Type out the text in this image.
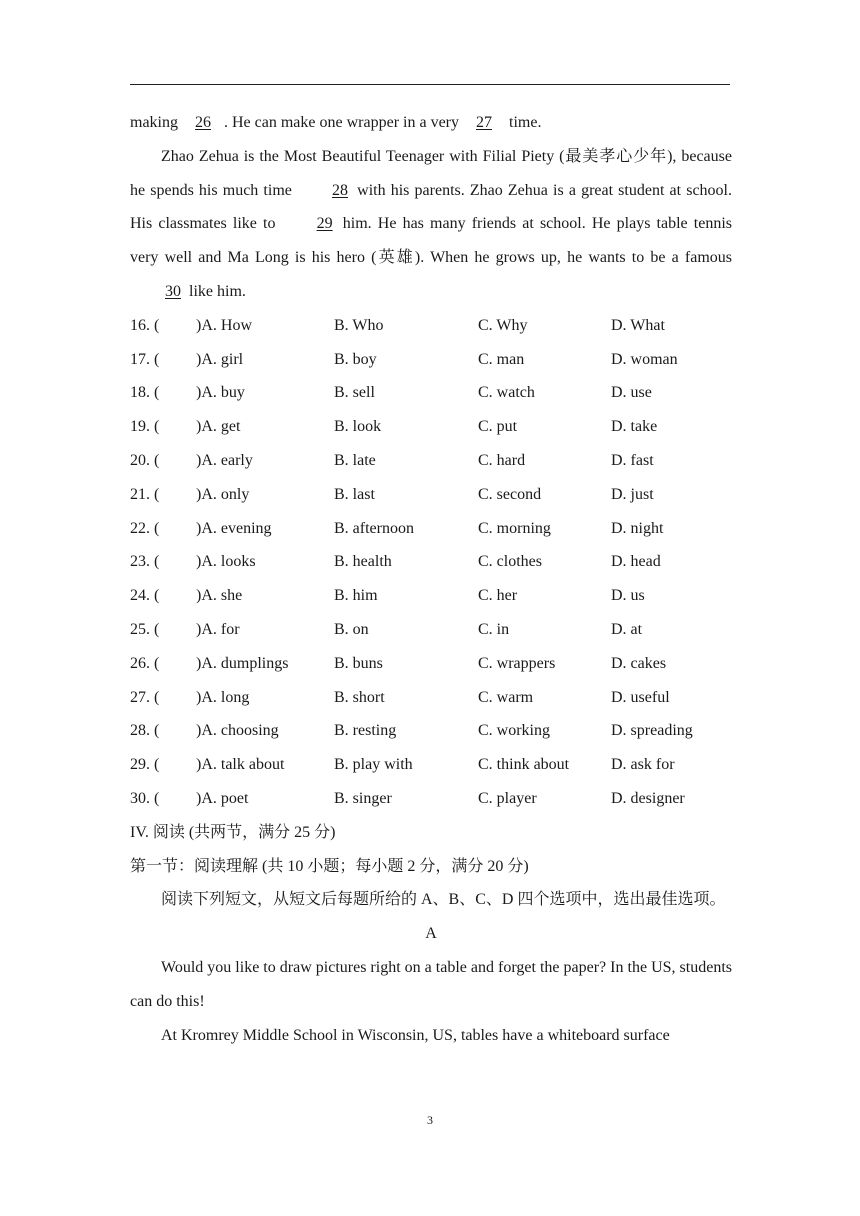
making 26 . He can make one wrapper in a very 27 time.

Zhao Zehua is the Most Beautiful Teenager with Filial Piety (最美孝心少年), because he spends his much time 28 with his parents. Zhao Zehua is a great student at school. His classmates like to 29 him. He has many friends at school. He plays table tennis very well and Ma Long is his hero (英雄). When he grows up, he wants to be a famous 30 like him.

16. ( )A. How	B. Who	C. Why	D. What
17. ( )A. girl	B. boy	C. man	D. woman
18. ( )A. buy	B. sell	C. watch	D. use
19. ( )A. get	B. look	C. put	D. take
20. ( )A. early	B. late	C. hard	D. fast
21. ( )A. only	B. last	C. second	D. just
22. ( )A. evening	B. afternoon	C. morning	D. night
23. ( )A. looks	B. health	C. clothes	D. head
24. ( )A. she	B. him	C. her	D. us
25. ( )A. for	B. on	C. in	D. at
26. ( )A. dumplings	B. buns	C. wrappers	D. cakes
27. ( )A. long	B. short	C. warm	D. useful
28. ( )A. choosing	B. resting	C. working	D. spreading
29. ( )A. talk about	B. play with	C. think about	D. ask for
30. ( )A. poet	B. singer	C. player	D. designer

IV. 阅读 (共两节，满分 25 分)

第一节：阅读理解 (共 10 小题；每小题 2 分，满分 20 分)

阅读下列短文，从短文后每题所给的 A、B、C、D 四个选项中，选出最佳选项。

A

Would you like to draw pictures right on a table and forget the paper? In the US, students can do this!

At Kromrey Middle School in Wisconsin, US, tables have a whiteboard surface

3
